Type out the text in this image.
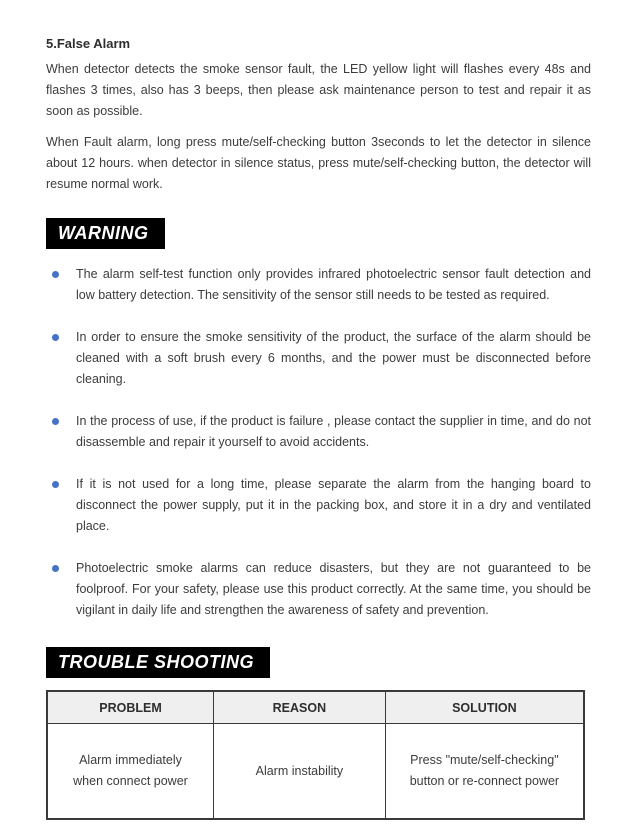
5.False Alarm

When detector detects the smoke sensor fault, the LED yellow light will flashes every 48s and flashes 3 times, also has 3 beeps, then please ask maintenance person to test and repair it as soon as possible.

When Fault alarm, long press mute/self-checking button 3seconds to let the detector in silence about 12 hours. when detector in silence status, press mute/self-checking button, the detector will resume normal work.

WARNING
The alarm self-test function only provides infrared photoelectric sensor fault detection and low battery detection. The sensitivity of the sensor still needs to be tested as required.
In order to ensure the smoke sensitivity of the product, the surface of the alarm should be cleaned with a soft brush every 6 months, and the power must be disconnected before cleaning.
In the process of use, if the product is failure , please contact the supplier in time, and do not disassemble and repair it yourself to avoid accidents.
If it is not used for a long time, please separate the alarm from the hanging board to disconnect the power supply, put it in the packing box, and store it in a dry and ventilated place.
Photoelectric smoke alarms can reduce disasters, but they are not guaranteed to be foolproof. For your safety, please use this product correctly. At the same time, you should be vigilant in daily life and strengthen the awareness of safety and prevention.
TROUBLE SHOOTING
PROBLEM	REASON	SOLUTION
Alarm immediately when connect power	Alarm instability	Press "mute/self-checking" button or re-connect power
